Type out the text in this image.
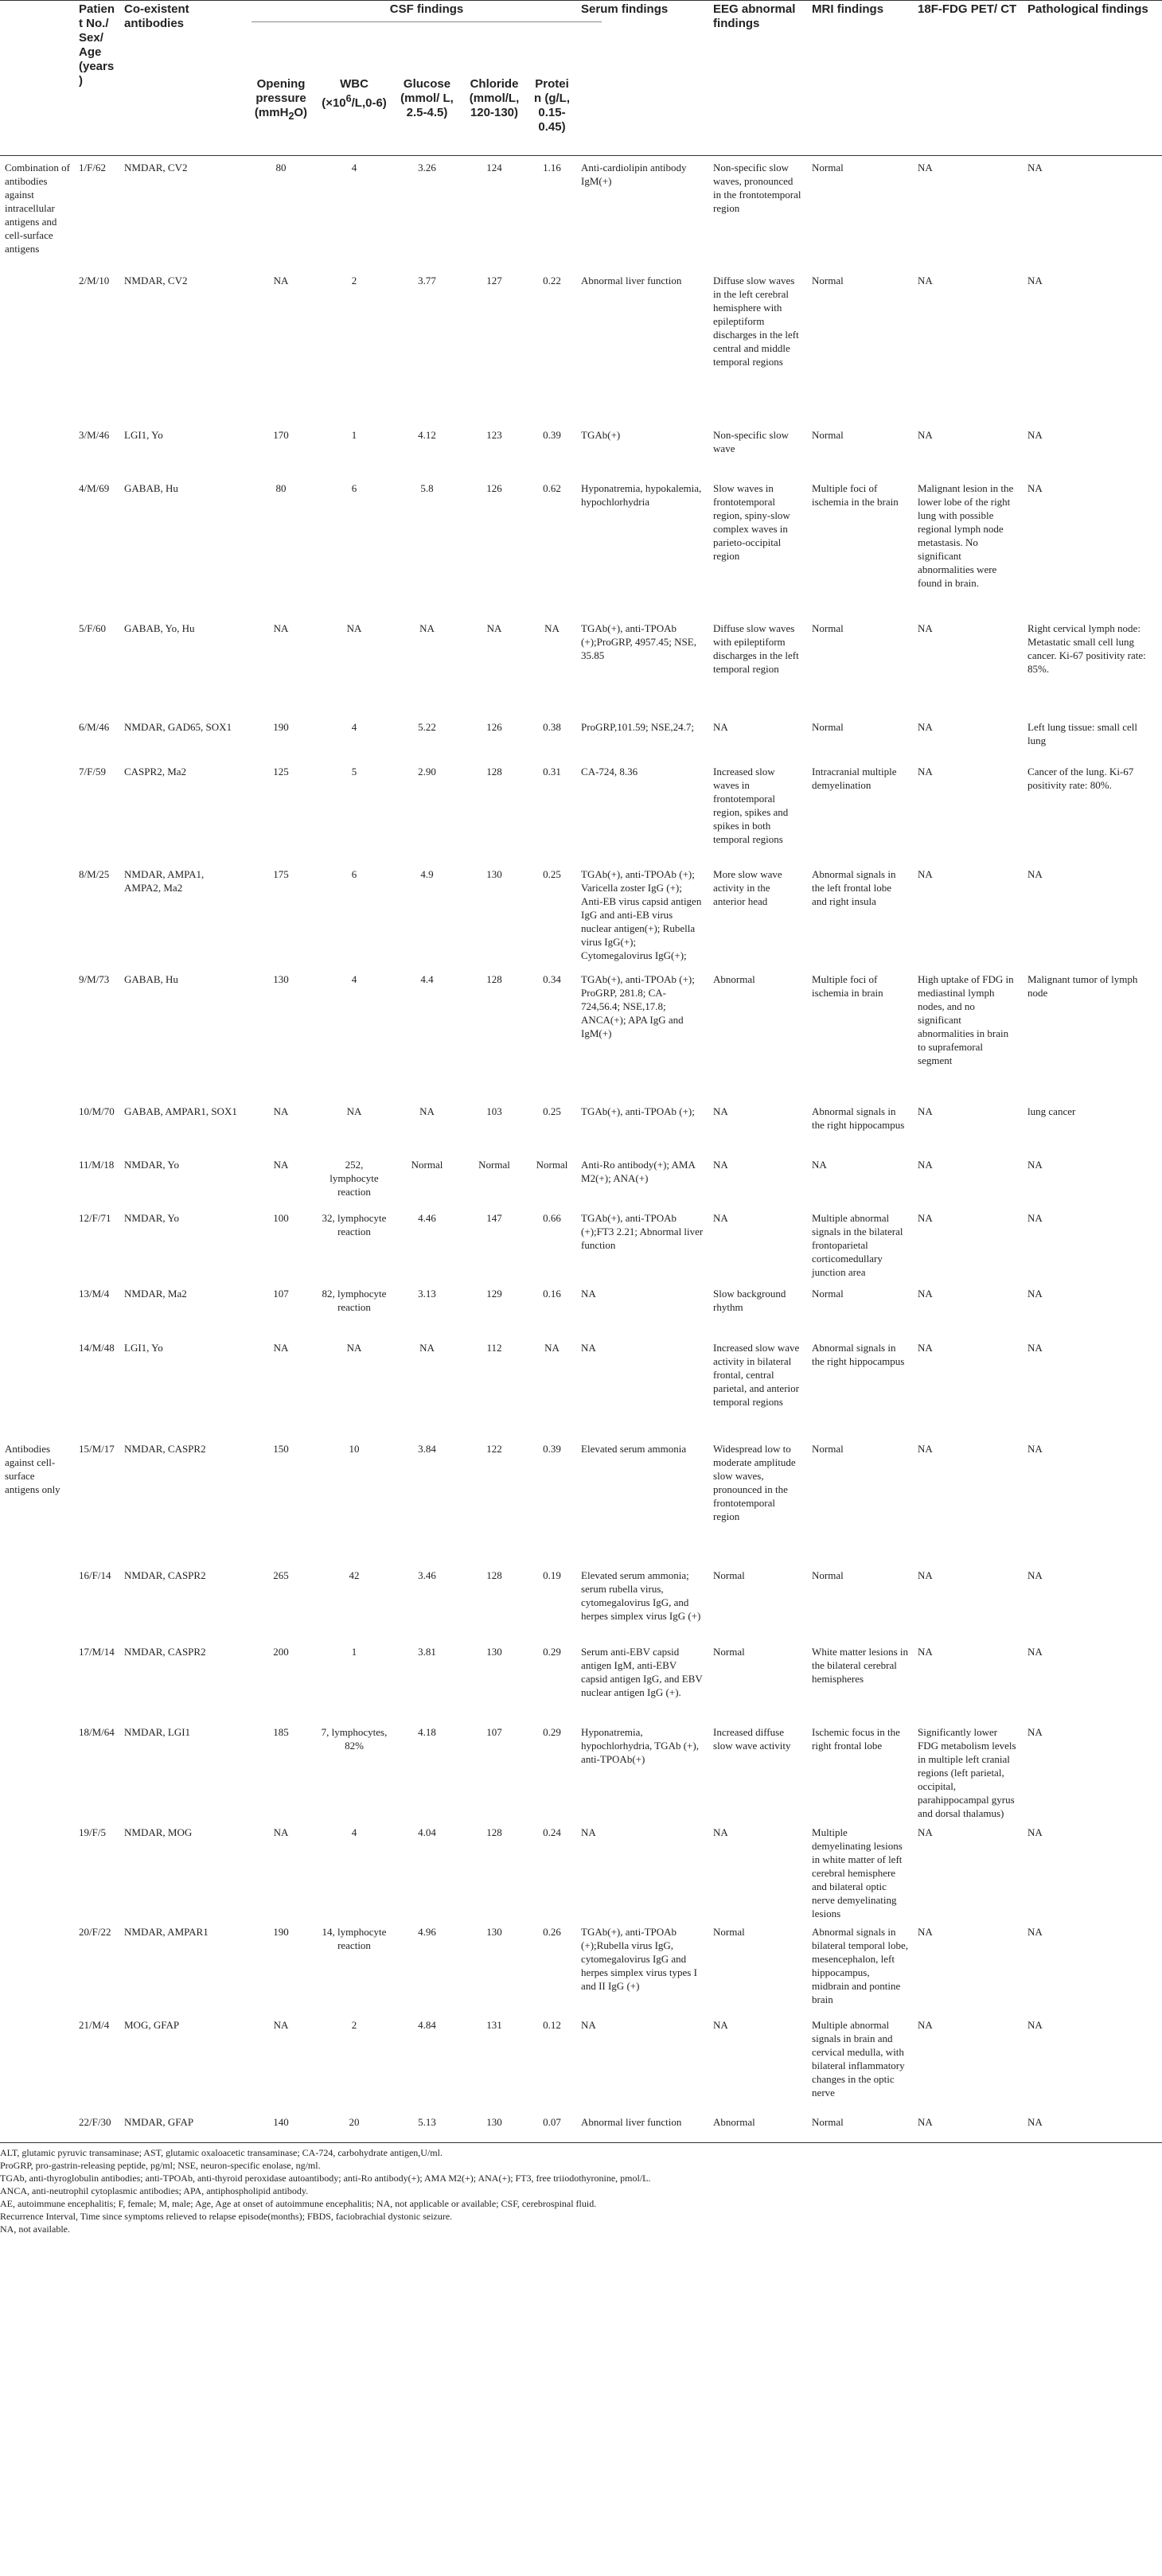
	Patient No./ Sex/ Age (years)	Co-existent antibodies	CSF findings					Serum findings	EEG abnormal findings	MRI findings	18F-FDG PET/ CT	Pathological findings
			Opening pressure (mmH$_2$O)	WBC $(\times 10^6/L,0-6)$	Glucose (mmol/ L, 2.5-4.5)	Chloride (mmol/L, 120-130)	Protein (g/L, 0.15-0.45)					
Combination of antibodies against intracellular antigens and cell-surface antigens	1/F/62	NMDAR, CV2	80	4	3.26	124	1.16	Anti-cardiolipin antibody IgM(+)	Non-specific slow waves, pronounced in the frontotemporal region	Normal	NA	NA
	2/M/10	NMDAR, CV2	NA	2	3.77	127	0.22	Abnormal liver function	Diffuse slow waves in the left cerebral hemisphere with epileptiform discharges in the left central and middle temporal regions	Normal	NA	NA
	3/M/46	LGI1, Yo	170	1	4.12	123	0.39	TGAb(+)	Non-specific slow wave	Normal	NA	NA
	4/M/69	GABAB, Hu	80	6	5.8	126	0.62	Hyponatremia, hypokalemia, hypochlorhydria	Slow waves in frontotemporal region, spiny-slow complex waves in parieto-occipital region	Multiple foci of ischemia in the brain	Malignant lesion in the lower lobe of the right lung with possible regional lymph node metastasis. No significant abnormalities were found in brain.	NA
	5/F/60	GABAB, Yo, Hu	NA	NA	NA	NA	NA	TGAb(+), anti-TPOAb (+);ProGRP, 4957.45; NSE, 35.85	Diffuse slow waves with epileptiform discharges in the left temporal region	Normal	NA	Right cervical lymph node: Metastatic small cell lung cancer. Ki-67 positivity rate: 85%.
	6/M/46	NMDAR, GAD65, SOX1	190	4	5.22	126	0.38	ProGRP,101.59; NSE,24.7;	NA	Normal	NA	Left lung tissue: small cell lung
	7/F/59	CASPR2, Ma2	125	5	2.90	128	0.31	CA-724, 8.36	Increased slow waves in frontotemporal region, spikes and spikes in both temporal regions	Intracranial multiple demyelination	NA	Cancer of the lung. Ki-67 positivity rate: 80%.
	8/M/25	NMDAR, AMPA1, AMPA2, Ma2	175	6	4.9	130	0.25	TGAb(+), anti-TPOAb (+); Varicella zoster IgG (+); Anti-EB virus capsid antigen IgG and anti-EB virus nuclear antigen(+); Rubella virus IgG(+); Cytomegalovirus IgG(+);	More slow wave activity in the anterior head	Abnormal signals in the left frontal lobe and right insula	NA	NA
	9/M/73	GABAB, Hu	130	4	4.4	128	0.34	TGAb(+), anti-TPOAb (+); ProGRP, 281.8; CA-724,56.4; NSE,17.8; ANCA(+); APA IgG and IgM(+)	Abnormal	Multiple foci of ischemia in brain	High uptake of FDG in mediastinal lymph nodes, and no significant abnormalities in brain to suprafemoral segment	Malignant tumor of lymph node
	10/M/70	GABAB, AMPAR1, SOX1	NA	NA	NA	103	0.25	TGAb(+), anti-TPOAb (+);	NA	Abnormal signals in the right hippocampus	NA	lung cancer
	11/M/18	NMDAR, Yo	NA	252, lymphocyte reaction	Normal	Normal	Normal	Anti-Ro antibody(+); AMA M2(+); ANA(+)	NA	NA	NA	NA
	12/F/71	NMDAR, Yo	100	32, lymphocyte reaction	4.46	147	0.66	TGAb(+), anti-TPOAb (+);FT3 2.21; Abnormal liver function	NA	Multiple abnormal signals in the bilateral frontoparietal corticomedullary junction area	NA	NA
	13/M/4	NMDAR, Ma2	107	82, lymphocyte reaction	3.13	129	0.16	NA	Slow background rhythm	Normal	NA	NA
	14/M/48	LGI1, Yo	NA	NA	NA	112	NA	NA	Increased slow wave activity in bilateral frontal, central parietal, and anterior temporal regions	Abnormal signals in the right hippocampus	NA	NA
Antibodies against cell-surface antigens only	15/M/17	NMDAR, CASPR2	150	10	3.84	122	0.39	Elevated serum ammonia	Widespread low to moderate amplitude slow waves, pronounced in the frontotemporal region	Normal	NA	NA
	16/F/14	NMDAR, CASPR2	265	42	3.46	128	0.19	Elevated serum ammonia; serum rubella virus, cytomegalovirus IgG, and herpes simplex virus IgG (+)	Normal	Normal	NA	NA
	17/M/14	NMDAR, CASPR2	200	1	3.81	130	0.29	Serum anti-EBV capsid antigen IgM, anti-EBV capsid antigen IgG, and EBV nuclear antigen IgG (+).	Normal	White matter lesions in the bilateral cerebral hemispheres	NA	NA
	18/M/64	NMDAR, LGI1	185	7, lymphocytes, 82%	4.18	107	0.29	Hyponatremia, hypochlorhydria, TGAb (+), anti-TPOAb(+)	Increased diffuse slow wave activity	Ischemic focus in the right frontal lobe	Significantly lower FDG metabolism levels in multiple left cranial regions (left parietal, occipital, parahippocampal gyrus and dorsal thalamus)	NA
	19/F/5	NMDAR, MOG	NA	4	4.04	128	0.24	NA	NA	Multiple demyelinating lesions in white matter of left cerebral hemisphere and bilateral optic nerve demyelinating lesions	NA	NA
	20/F/22	NMDAR, AMPAR1	190	14, lymphocyte reaction	4.96	130	0.26	TGAb(+), anti-TPOAb (+);Rubella virus IgG, cytomegalovirus IgG and herpes simplex virus types I and II IgG (+)	Normal	Abnormal signals in bilateral temporal lobe, mesencephalon, left hippocampus, midbrain and pontine brain	NA	NA
	21/M/4	MOG, GFAP	NA	2	4.84	131	0.12	NA	NA	Multiple abnormal signals in brain and cervical medulla, with bilateral inflammatory changes in the optic nerve	NA	NA
	22/F/30	NMDAR, GFAP	140	20	5.13	130	0.07	Abnormal liver function	Abnormal	Normal	NA	NA
ALT, glutamic pyruvic transaminase; AST, glutamic oxaloacetic transaminase; CA-724, carbohydrate antigen,U/ml.
ProGRP, pro-gastrin-releasing peptide, pg/ml; NSE, neuron-specific enolase, ng/ml.
TGAb, anti-thyroglobulin antibodies; anti-TPOAb, anti-thyroid peroxidase autoantibody; anti-Ro antibody(+); AMA M2(+); ANA(+); FT3, free triiodothyronine, pmol/L.
ANCA, anti-neutrophil cytoplasmic antibodies; APA, antiphospholipid antibody.
AE, autoimmune encephalitis; F, female; M, male; Age, Age at onset of autoimmune encephalitis; NA, not applicable or available; CSF, cerebrospinal fluid.
Recurrence Interval, Time since symptoms relieved to relapse episode(months); FBDS, faciobrachial dystonic seizure.
NA, not available.
